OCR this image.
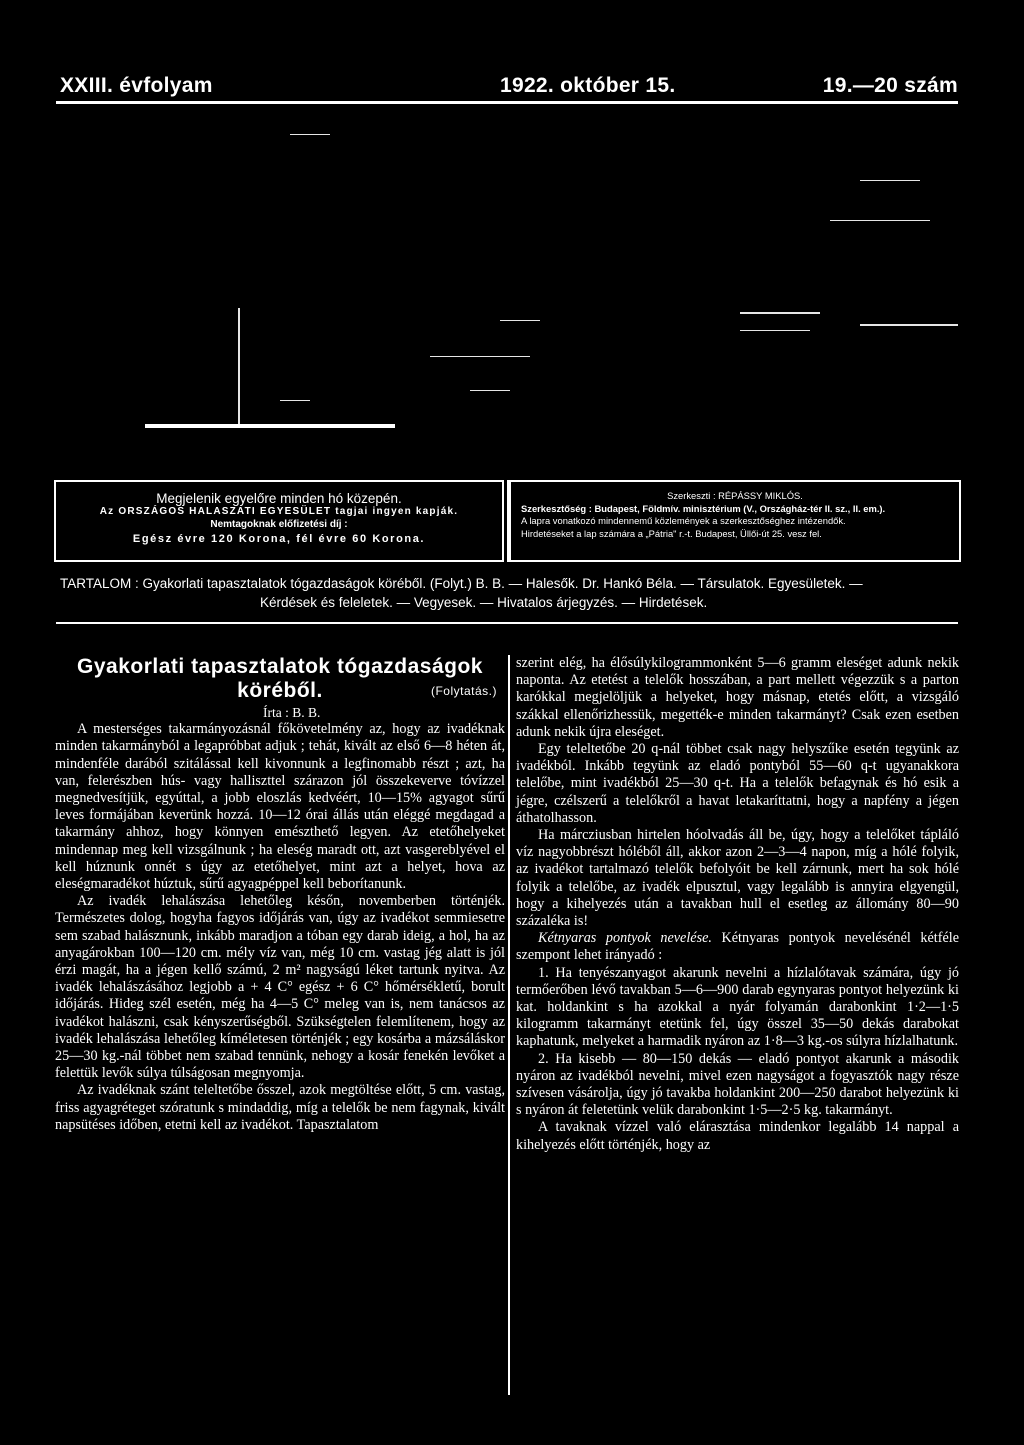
XXIII. évfolyam	1922. október 15.	19.—20 szám
Megjelenik egyelőre minden hó közepén.
Az ORSZÁGOS HALASZATI EGYESÜLET tagjai ingyen kapják.
Nemtagoknak előfizetési díj :
Egész évre 120 Korona, fél évre 60 Korona.
Szerkeszti : RÉPÁSSY MIKLÓS.
Szerkesztőség : Budapest, Földmív. minisztérium (V., Országház-tér II. sz., II. em.).
A lapra vonatkozó mindennemű közlemények a szerkesztőséghez intézendők.
Hirdetéseket a lap számára a „Pátria" r.-t. Budapest, Üllői-út 25. vesz fel.
TARTALOM : Gyakorlati tapasztalatok tógazdaságok köréből. (Folyt.) B. B. — Halesők. Dr. Hankó Béla. — Társulatok. Egyesületek. —
Kérdések és feleletek. — Vegyesek. — Hivatalos árjegyzés. — Hirdetések.
Gyakorlati tapasztalatok tógazdaságok
köréből.	(Folytatás.)
Írta : B. B.

A mesterséges takarmányozásnál főkövetelmény az, hogy az ivadéknak minden takarmányból a legapróbbat adjuk ; tehát, kivált az első 6—8 héten át, mindenféle darából szitálással kell kivonnunk a legfinomabb részt ; azt, ha van, felerészben hús- vagy halliszttel szárazon jól összekeverve tóvízzel megnedvesítjük, egyúttal, a jobb eloszlás kedvéért, 10—15% agyagot sűrű leves formájában keverünk hozzá. 10—12 órai állás után eléggé megdagad a takarmány ahhoz, hogy könnyen emészthető legyen. Az etetőhelyeket mindennap meg kell vizsgálnunk ; ha eleség maradt ott, azt vasgereblyével el kell húznunk onnét s úgy az etetőhelyet, mint azt a helyet, hova az eleségmaradékot húztuk, sűrű agyagpéppel kell beborítanunk.

Az ivadék lehalászása lehetőleg későn, novemberben történjék. Természetes dolog, hogyha fagyos időjárás van, úgy az ivadékot semmiesetre sem szabad halásznunk, inkább maradjon a tóban egy darab ideig, a hol, ha az anyagárokban 100—120 cm. mély víz van, még 10 cm. vastag jég alatt is jól érzi magát, ha a jégen kellő számú, 2 m² nagyságú léket tartunk nyitva. Az ivadék lehalászásához legjobb a + 4 C° egész + 6 C° hőmérsékletű, borult időjárás. Hideg szél esetén, még ha 4—5 C° meleg van is, nem tanácsos az ivadékot halászni, csak kényszerűségből. Szükségtelen felemlítenem, hogy az ivadék lehalászása lehetőleg kíméletesen történjék ; egy kosárba a mázsáláskor 25—30 kg.-nál többet nem szabad tennünk, nehogy a kosár fenekén levőket a felettük levők súlya túlságosan megnyomja.

Az ivadéknak szánt teleltetőbe ősszel, azok megtöltése előtt, 5 cm. vastag, friss agyagréteget szóratunk s mindaddig, míg a telelők be nem fagynak, kivált napsütéses időben, etetni kell az ivadékot. Tapasztalatom

szerint elég, ha élősúlykilogrammonként 5—6 gramm eleséget adunk nekik naponta. Az etetést a telelők hosszában, a part mellett végezzük s a parton karókkal megjelöljük a helyeket, hogy másnap, etetés előtt, a vizsgáló szákkal ellenőrizhessük, megették-e minden takarmányt? Csak ezen esetben adunk nekik újra eleséget.

Egy teleltetőbe 20 q-nál többet csak nagy helyszűke esetén tegyünk az ivadékból. Inkább tegyünk az eladó pontyból 55—60 q-t ugyanakkora telelőbe, mint ivadékból 25—30 q-t. Ha a telelők befagynak és hó esik a jégre, czélszerű a telelőkről a havat letakaríttatni, hogy a napfény a jégen áthatolhasson.

Ha márcziusban hirtelen hóolvadás áll be, úgy, hogy a telelőket tápláló víz nagyobbrészt hóléből áll, akkor azon 2—3—4 napon, míg a hólé folyik, az ivadékot tartalmazó telelők befolyóit be kell zárnunk, mert ha sok hólé folyik a telelőbe, az ivadék elpusztul, vagy legalább is annyira elgyengül, hogy a kihelyezés után a tavakban hull el esetleg az állomány 80—90 százaléka is!

Kétnyaras pontyok nevelése. Kétnyaras pontyok nevelésénél kétféle szempont lehet irányadó :

1. Ha tenyészanyagot akarunk nevelni a hízlalótavak számára, úgy jó termőerőben lévő tavakban 5—6—900 darab egynyaras pontyot helyezünk ki kat. holdankint s ha azokkal a nyár folyamán darabonkint 1·2—1·5 kilogramm takarmányt etetünk fel, úgy összel 35—50 dekás darabokat kaphatunk, melyeket a harmadik nyáron az 1·8—3 kg.-os súlyra hízlalhatunk.

2. Ha kisebb — 80—150 dekás — eladó pontyot akarunk a második nyáron az ivadékból nevelni, mivel ezen nagyságot a fogyasztók nagy része szívesen vásárolja, úgy jó tavakba holdankint 200—250 darabot helyezünk ki s nyáron át feletetünk velük darabonkint 1·5—2·5 kg. takarmányt.

A tavaknak vízzel való elárasztása mindenkor legalább 14 nappal a kihelyezés előtt történjék, hogy az
